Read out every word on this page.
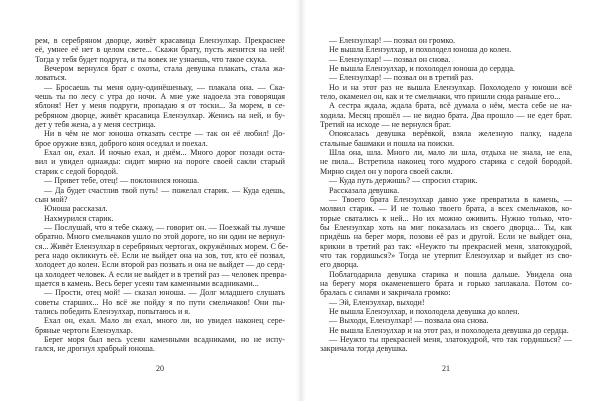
рем, в серебряном дворце, живёт красавица Еленэулхар. Прекраснее
её, умнее её нет в целом свете... Скажи брату, пусть женится на ней!
Тогда у тебя будет подруга, и ты вовек не узнаешь, что такое скука.
Вечером вернулся брат с охоты, стала девушка плакать, стала жа-
ловаться.
— Бросаешь ты меня одну-одинёшеньку, — плакала она. — Ска-
чешь ты по лесу с утра до ночи. А мне уже надоела эта говорящая
яблоня! Нет у меня подруги, пропадаю я от тоски... За морем, в се-
ребряном дворце, живёт красавица Еленэулхар. Женись на ней, и бу-
дет у тебя жена, а у меня сестрица.
Ни в чём не мог юноша отказать сестре — так он её любил! До-
брое оружие взял, доброго коня оседлал и поехал.
Ехал он, ехал. И ночью ехал, и днём... Много дорог позади оста-
вил и увидел однажды: сидит мирно на пороге своей сакли старый
старик с седой бородой.
— Привет тебе, отец! — поклонился юноша.
— Да будет счастлив твой путь! — пожелал старик. — Куда едешь,
сын мой?
Юноша рассказал.
Нахмурился старик.
— Послушай, что я тебе скажу, — говорит он. — Поезжай ты лучше
обратно. Много смельчаков ушло по этой дороге, но ни один не вернул-
ся... Живёт Еленэулхар в серебряных чертогах, окружённых морем. С бе-
рега надо окликнуть её. Если не выйдет она на зов, тот, кто её позвал,
холодеет до колен. Если второй раз позвать и она не выйдет — до серд-
ца холодеет человек. А если не выйдет и в третий раз — человек превра-
щается в камень. Весь берег усеян там каменными всадниками...
— Прости, отец мой! — сказал юноша. — Долг младшего слушать
советы старших... Но всё же пойду я по пути смельчаков! Они пы-
тались победить Еленэулхар, попытаюсь и я.
Ехал он, ехал. Мало ли ехал, много ли, но увидел наконец сере-
бряные чертоги Еленэулхар.
Берег моря был весь усеян каменными всадниками, но не испу-
гался, не дрогнул храбрый юноша.
20
— Еленэулхар! — позвал он громко.
Не вышла Еленэулхар, и похолодел юноша до колен.
— Еленэулхар! — позвал он снова.
Не вышла Еленэулхар, и похолодел юноша до сердца.
— Еленэулхар! — позвал он в третий раз.
Но и на этот раз не вышла Еленэулхар. Похолодело у юноши всё
тело, окаменел он, как и те смельчаки, что пришли сюда раньше его...
А сестра ждала, ждала брата, всё думала о нём, места себе не на-
ходила. Месяц прошёл — не видно брата. Два прошло — не едет брат.
Третий на исходе — не вернулся брат.
Опоясалась девушка верёвкой, взяла железную палку, надела
стальные башмаки и пошла на поиски.
Шла она, шла. Много ли, мало ли шла, отдыха не знала, не ела,
не пила... Встретила наконец того мудрого старика с седой бородой.
Мирно сидел он у порога своей сакли.
— Куда путь держишь? — спросил старик.
Рассказала девушка.
— Твоего брата Еленэулхар давно уже превратила в камень, —
молвил старик. — И не только твоего брата, а всех смельчаков, ко-
торые сватались к ней... Но их можно оживить. Нужно только, что-
бы Еленэулхар хоть на миг показалась из своего дворца... Ты, как
придёшь на берег моря, позови её раз и другой. Если не выйдет она,
крикни в третий раз так: «Неужто ты прекрасней меня, златокудрой,
что так гордишься?» Тогда не утерпит Еленэулхар и выйдет из сво-
его дворца.
Поблагодарила девушка старика и пошла дальше. Увидела она
на берегу моря окаменевшего брата и горько заплакала. Потом со-
бралась с силами и закричала громко:
— Эй, Еленэулхар, выходи!
Не вышла Еленэулхар, и похолодела девушка до колен.
— Выходи, Еленэулхар! — позвала она снова.
Не вышла Еленэулхар и на этот раз, и похолодела девушка до сердца.
— Неужто ты прекрасней меня, златокудрой, что так гордишься? —
закричала тогда девушка.
21
